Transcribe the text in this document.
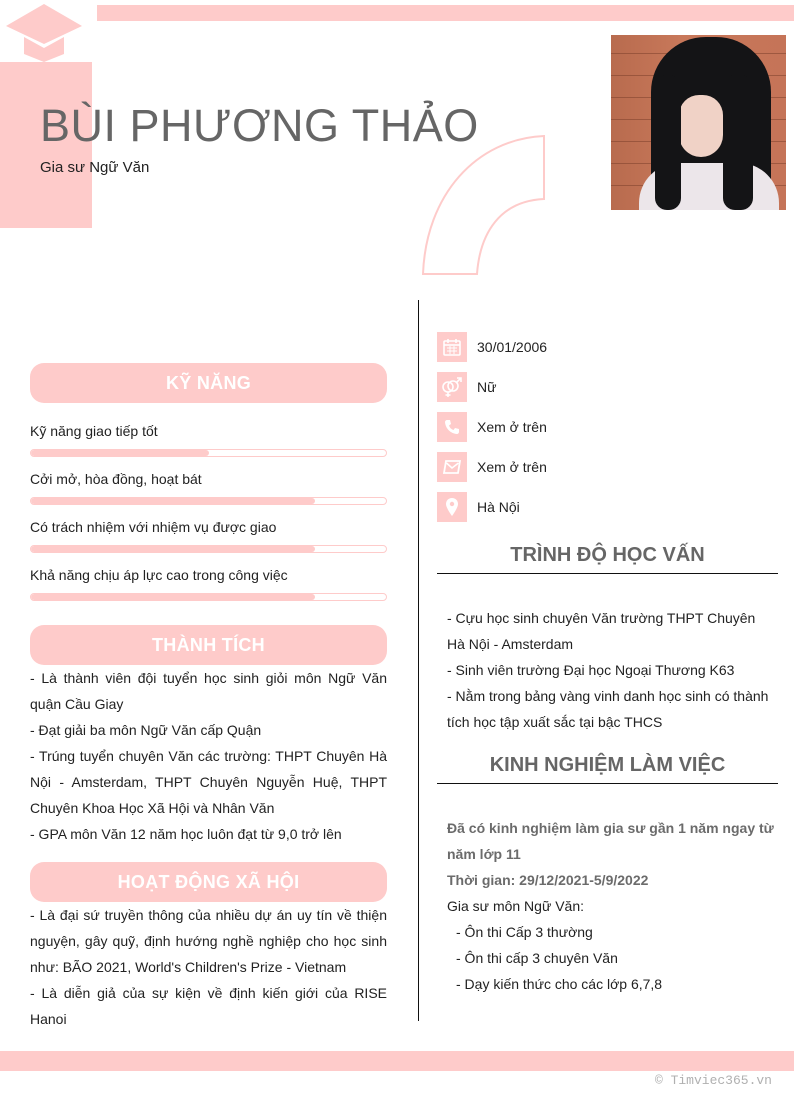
BÙI PHƯƠNG THẢO
Gia sư Ngữ Văn
KỸ NĂNG
Kỹ năng giao tiếp tốt
Cởi mở, hòa đồng, hoạt bát
Có trách nhiệm với nhiệm vụ được giao
Khả năng chịu áp lực cao trong công việc
THÀNH TÍCH

- Là thành viên đội tuyển học sinh giỏi môn Ngữ Văn quận Cầu Giay

- Đạt giải ba môn Ngữ Văn cấp Quận

- Trúng tuyển chuyên Văn các trường: THPT Chuyên Hà Nội - Amsterdam, THPT Chuyên Nguyễn Huệ, THPT Chuyên Khoa Học Xã Hội và Nhân Văn

- GPA môn Văn 12 năm học luôn đạt từ 9,0 trở lên

HOẠT ĐỘNG XÃ HỘI

- Là đại sứ truyền thông của nhiều dự án uy tín về thiện nguyện, gây quỹ, định hướng nghề nghiệp cho học sinh như: BÃO 2021, World's Children's Prize - Vietnam

- Là diễn giả của sự kiện về định kiến giới của RISE Hanoi

30/01/2006
Nữ
Xem ở trên
Xem ở trên
Hà Nội
TRÌNH ĐỘ HỌC VẤN

- Cựu học sinh chuyên Văn trường THPT Chuyên Hà Nội - Amsterdam

- Sinh viên trường Đại học Ngoại Thương K63

- Nằm trong bảng vàng vinh danh học sinh có thành tích học tập xuất sắc tại bậc THCS

KINH NGHIỆM LÀM VIỆC

Đã có kinh nghiệm làm gia sư gần 1 năm ngay từ năm lớp 11

Thời gian: 29/12/2021-5/9/2022

Gia sư môn Ngữ Văn:

- Ôn thi Cấp 3 thường

- Ôn thi cấp 3 chuyên Văn

- Dạy kiến thức cho các lớp 6,7,8

© Timviec365.vn
